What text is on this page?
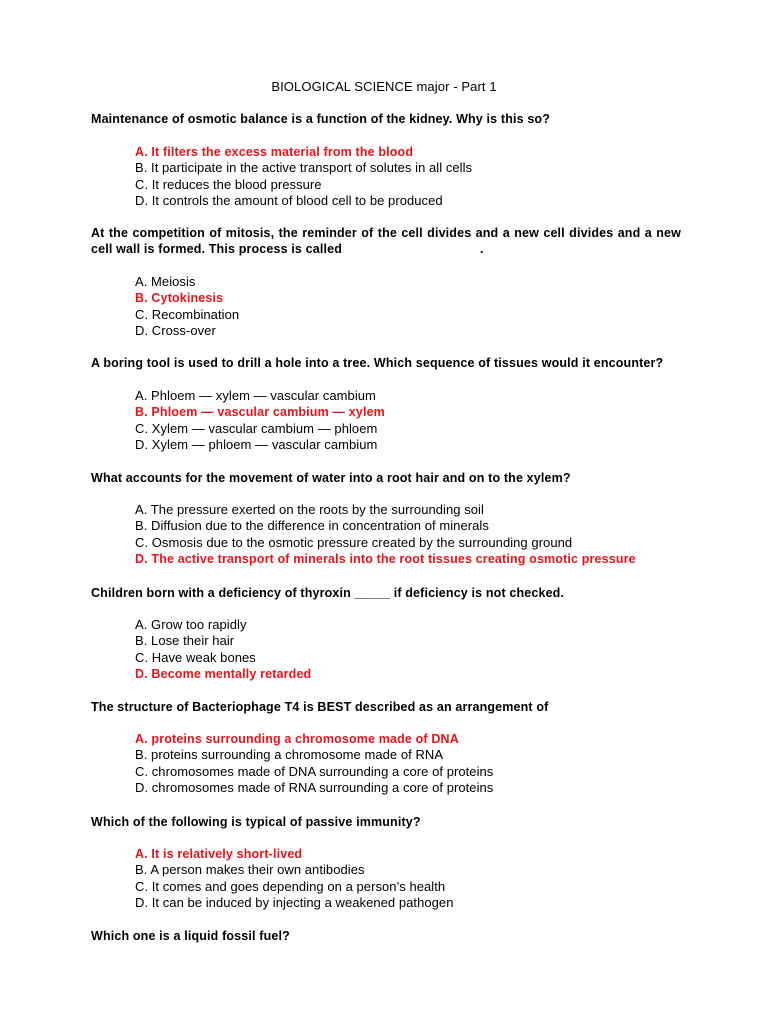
BIOLOGICAL SCIENCE major - Part 1
Maintenance of osmotic balance is a function of the kidney. Why is this so?
A. It filters the excess material from the blood
B. It participate in the active transport of solutes in all cells
C. It reduces the blood pressure
D. It controls the amount of blood cell to be produced
At the competition of mitosis, the reminder of the cell divides and a new cell divides and a new cell wall is formed. This process is called	.
A. Meiosis
B. Cytokinesis
C. Recombination
D. Cross-over
A boring tool is used to drill a hole into a tree. Which sequence of tissues would it encounter?
A. Phloem — xylem — vascular cambium
B. Phloem — vascular cambium — xylem
C. Xylem — vascular cambium — phloem
D. Xylem — phloem — vascular cambium
What accounts for the movement of water into a root hair and on to the xylem?
A. The pressure exerted on the roots by the surrounding soil
B. Diffusion due to the difference in concentration of minerals
C. Osmosis due to the osmotic pressure created by the surrounding ground
D. The active transport of minerals into the root tissues creating osmotic pressure
Children born with a deficiency of thyroxin _____ if deficiency is not checked.
A. Grow too rapidly
B. Lose their hair
C. Have weak bones
D. Become mentally retarded
The structure of Bacteriophage T4 is BEST described as an arrangement of
A. proteins surrounding a chromosome made of DNA
B. proteins surrounding a chromosome made of RNA
C. chromosomes made of DNA surrounding a core of proteins
D. chromosomes made of RNA surrounding a core of proteins
Which of the following is typical of passive immunity?
A. It is relatively short-lived
B. A person makes their own antibodies
C. It comes and goes depending on a person’s health
D. It can be induced by injecting a weakened pathogen
Which one is a liquid fossil fuel?
